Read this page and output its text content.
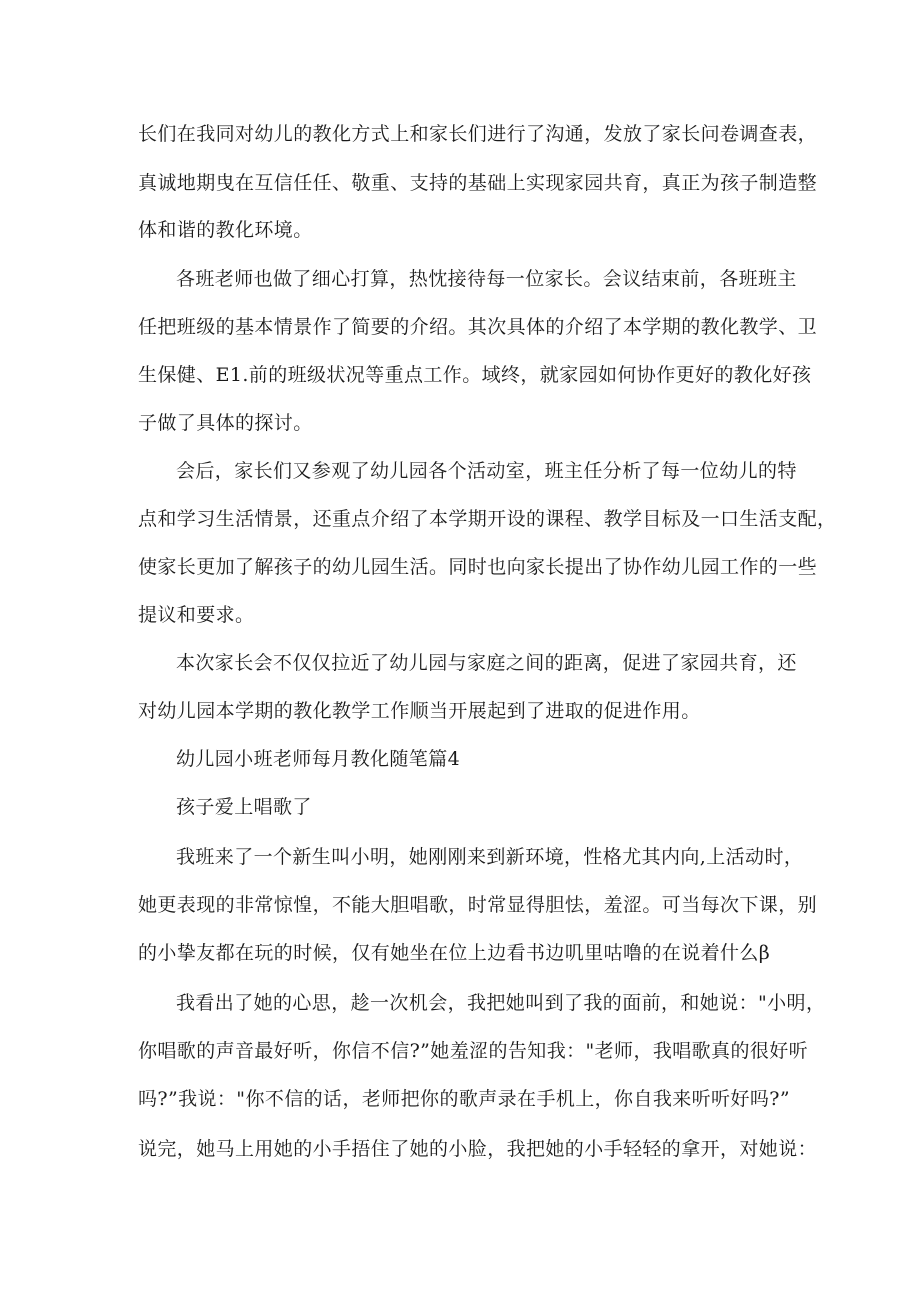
长们在我同对幼儿的教化方式上和家长们进行了沟通，发放了家长问卷调查表，
真诚地期曳在互信任任、敬重、支持的基础上实现家园共育，真正为孩子制造整
体和谐的教化环境。
各班老师也做了细心打算，热忱接待每一位家长。会议结束前，各班班主
任把班级的基本情景作了简要的介绍。其次具体的介绍了本学期的教化教学、卫
生保健、E1.前的班级状况等重点工作。域终，就家园如何协作更好的教化好孩
子做了具体的探讨。
会后，家长们又参观了幼儿园各个活动室，班主任分析了每一位幼儿的特
点和学习生活情景，还重点介绍了本学期开设的课程、教学目标及一口生活支配，
使家长更加了解孩子的幼儿园生活。同时也向家长提出了协作幼儿园工作的一些
提议和要求。
本次家长会不仅仅拉近了幼儿园与家庭之间的距离，促进了家园共育，还
对幼儿园本学期的教化教学工作顺当开展起到了进取的促进作用。
幼儿园小班老师每月教化随笔篇4
孩子爱上唱歌了
我班来了一个新生叫小明，她刚刚来到新环境，性格尤其内向,上活动时，
她更表现的非常惊惶，不能大胆唱歌，时常显得胆怯，羞涩。可当每次下课，别
的小挚友都在玩的时候，仅有她坐在位上边看书边叽里咕噜的在说着什么β
我看出了她的心思，趁一次机会，我把她叫到了我的面前，和她说："小明，
你唱歌的声音最好听，你信不信?”她羞涩的告知我："老师，我唱歌真的很好听
吗?”我说："你不信的话，老师把你的歌声录在手机上，你自我来听听好吗?”
说完，她马上用她的小手捂住了她的小脸，我把她的小手轻轻的拿开，对她说：
